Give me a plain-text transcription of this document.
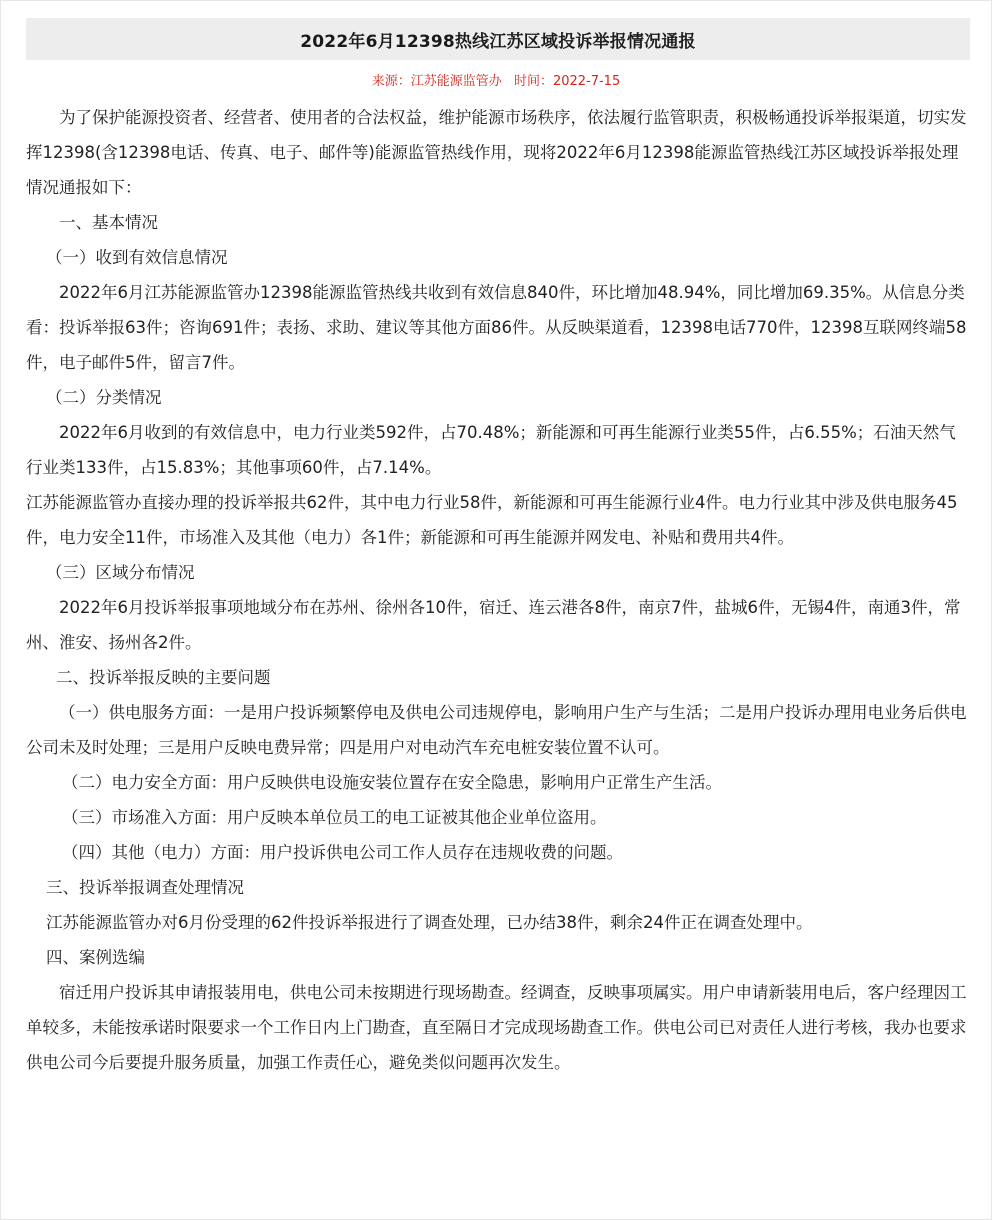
2022年6月12398热线江苏区域投诉举报情况通报
来源：江苏能源监管办 时间：2022-7-15

为了保护能源投资者、经营者、使用者的合法权益，维护能源市场秩序，依法履行监管职责，积极畅通投诉举报渠道，切实发挥12398(含12398电话、传真、电子、邮件等)能源监管热线作用，现将2022年6月12398能源监管热线江苏区域投诉举报处理情况通报如下：

一、基本情况

（一）收到有效信息情况

2022年6月江苏能源监管办12398能源监管热线共收到有效信息840件，环比增加48.94%，同比增加69.35%。从信息分类看：投诉举报63件；咨询691件；表扬、求助、建议等其他方面86件。从反映渠道看，12398电话770件，12398互联网终端58件，电子邮件5件，留言7件。

（二）分类情况

2022年6月收到的有效信息中，电力行业类592件，占70.48%；新能源和可再生能源行业类55件，占6.55%；石油天然气行业类133件，占15.83%；其他事项60件，占7.14%。

江苏能源监管办直接办理的投诉举报共62件，其中电力行业58件，新能源和可再生能源行业4件。电力行业其中涉及供电服务45件，电力安全11件，市场准入及其他（电力）各1件；新能源和可再生能源并网发电、补贴和费用共4件。

（三）区域分布情况

2022年6月投诉举报事项地域分布在苏州、徐州各10件，宿迁、连云港各8件，南京7件，盐城6件，无锡4件，南通3件，常州、淮安、扬州各2件。

二、投诉举报反映的主要问题

（一）供电服务方面：一是用户投诉频繁停电及供电公司违规停电，影响用户生产与生活；二是用户投诉办理用电业务后供电公司未及时处理；三是用户反映电费异常；四是用户对电动汽车充电桩安装位置不认可。

（二）电力安全方面：用户反映供电设施安装位置存在安全隐患，影响用户正常生产生活。

（三）市场准入方面：用户反映本单位员工的电工证被其他企业单位盗用。

（四）其他（电力）方面：用户投诉供电公司工作人员存在违规收费的问题。

三、投诉举报调查处理情况

江苏能源监管办对6月份受理的62件投诉举报进行了调查处理，已办结38件，剩余24件正在调查处理中。

四、案例选编

宿迁用户投诉其申请报装用电，供电公司未按期进行现场勘查。经调查，反映事项属实。用户申请新装用电后，客户经理因工单较多，未能按承诺时限要求一个工作日内上门勘查，直至隔日才完成现场勘查工作。供电公司已对责任人进行考核，我办也要求供电公司今后要提升服务质量，加强工作责任心，避免类似问题再次发生。
